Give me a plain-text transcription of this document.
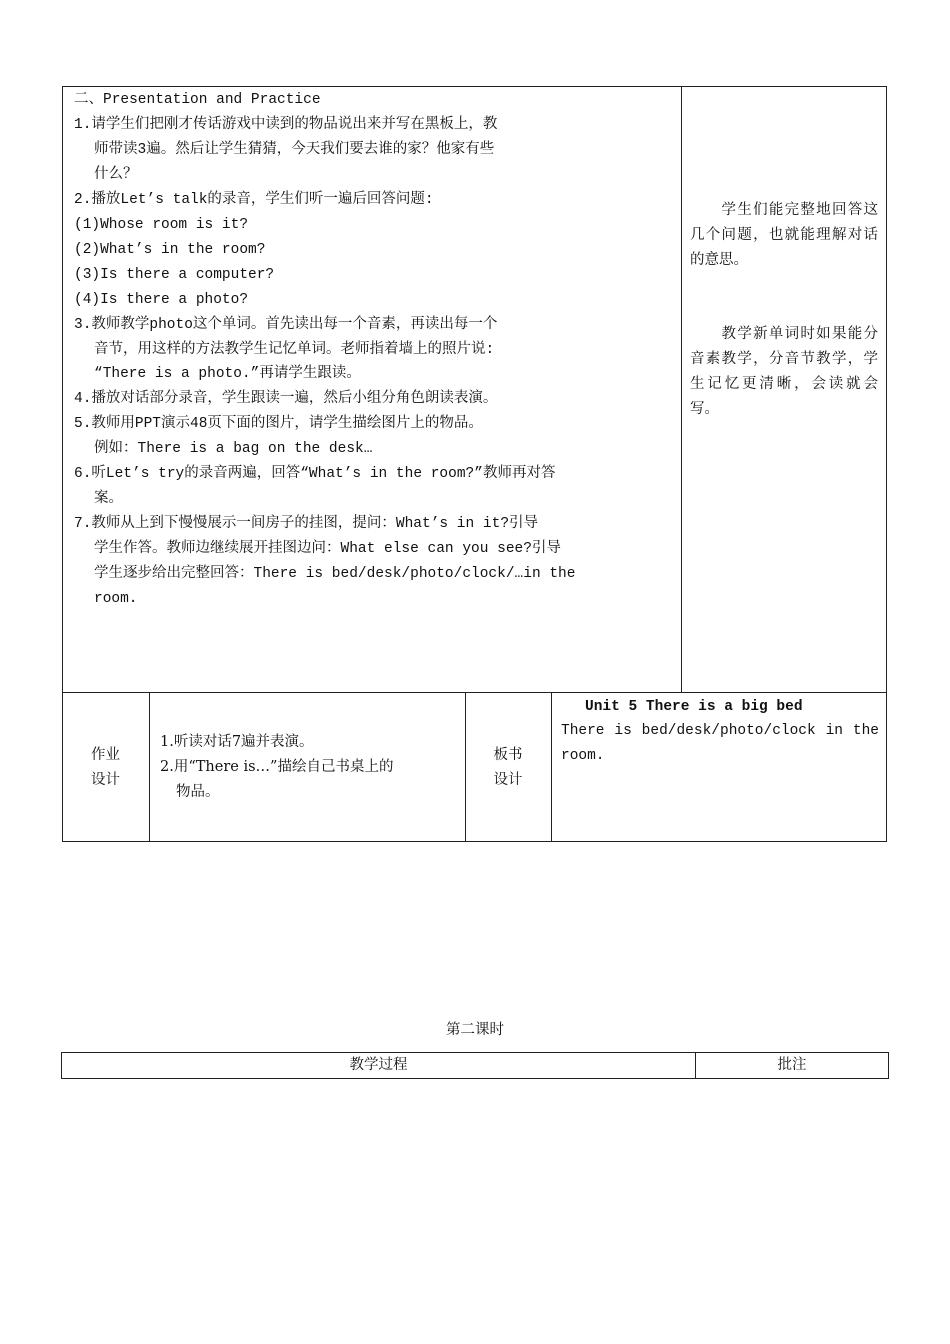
二、Presentation and Practice
1.请学生们把刚才传话游戏中读到的物品说出来并写在黑板上，教
师带读3遍。然后让学生猜猜，今天我们要去谁的家？他家有些
什么？
2.播放Let’s talk的录音，学生们听一遍后回答问题:
(1)Whose room is it?
(2)What’s in the room?
(3)Is there a computer?
(4)Is there a photo?
3.教师教学photo这个单词。首先读出每一个音素，再读出每一个
音节，用这样的方法教学生记忆单词。老师指着墙上的照片说:
“There is a photo.”再请学生跟读。
4.播放对话部分录音，学生跟读一遍，然后小组分角色朗读表演。
5.教师用PPT演示48页下面的图片，请学生描绘图片上的物品。
例如：There is a bag on the desk…
6.听Let’s try的录音两遍，回答“What’s in the room?”教师再对答
案。
7.教师从上到下慢慢展示一间房子的挂图，提问：What’s in it?引导
学生作答。教师边继续展开挂图边问：What else can you see?引导
学生逐步给出完整回答：There is bed/desk/photo/clock/…in the
room.
　　学生们能完整地回答这几个问题，也就能理解对话的意思。
　　教学新单词时如果能分音素教学，分音节教学，学生记忆更清晰，会读就会写。
作业
设计
1.听读对话7遍并表演。
2.用“There is…”描绘自己书桌上的
物品。
板书
设计
Unit 5 There is a big bed
There is bed/desk/photo/clock in the
room.
第二课时
教学过程	批注
